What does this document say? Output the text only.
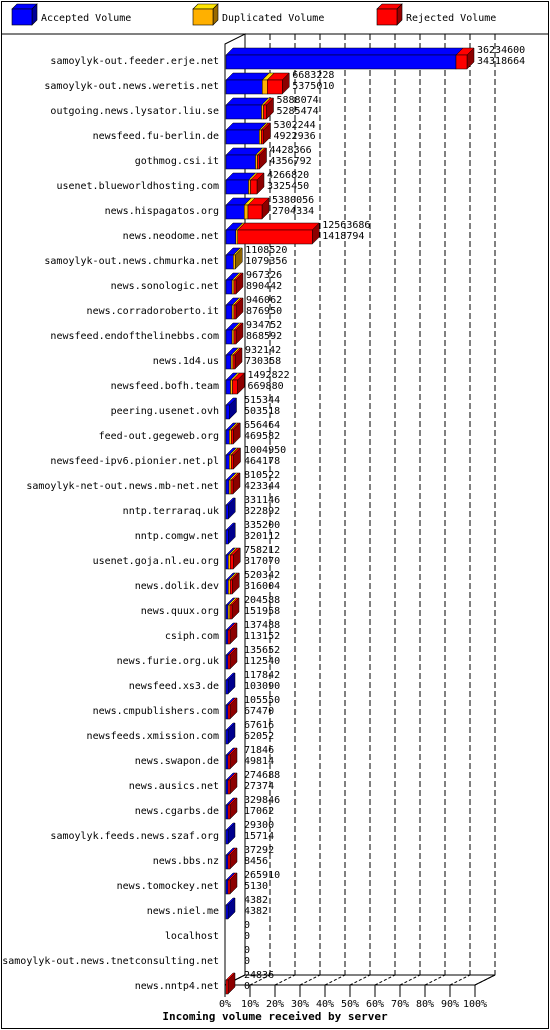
Accepted Volume	Duplicated Volume	Rejected Volume
0% 10% 20% 30% 40% 50% 60% 70% 80% 90% 100%
samoylyk-out.feeder.erje.net
36234600
34318664
samoylyk-out.news.weretis.net
6683228
5375010
outgoing.news.lysator.liu.se
5888074
5285474
newsfeed.fu-berlin.de
5302244
4922936
gothmog.csi.it
4428366
4356792
usenet.blueworldhosting.com
4266820
3325450
news.hispagatos.org
5380056
2704334
news.neodome.net
12563686
1418794
samoylyk-out.news.chmurka.net
1108520
1079356
news.sonologic.net
967326
890442
news.corradoroberto.it
946062
876950
newsfeed.endofthelinebbs.com
934752
868592
news.1d4.us
932142
730358
newsfeed.bofh.team
1492822
669880
peering.usenet.ovh
515344
503518
feed-out.gegeweb.org
656464
469582
newsfeed-ipv6.pionier.net.pl
1004950
464178
samoylyk-net-out.news.mb-net.net
810522
423344
nntp.terraraq.uk
331146
322892
nntp.comgw.net
335200
320112
usenet.goja.nl.eu.org
758212
317070
news.dolik.dev
520342
316004
news.quux.org
204588
151958
csiph.com
137488
113152
news.furie.org.uk
135652
112540
newsfeed.xs3.de
117842
103090
news.cmpublishers.com
105550
67470
newsfeeds.xmission.com
67616
62052
news.swapon.de
71846
49814
news.ausics.net
274688
27374
news.cgarbs.de
329846
17062
samoylyk.feeds.news.szaf.org
29300
15714
news.bbs.nz
37292
8456
news.tomockey.net
265910
5130
news.niel.me
4382
4382
localhost
0
0
samoylyk-out.news.tnetconsulting.net
0
0
news.nntp4.net
24836
0
Incoming volume received by server
